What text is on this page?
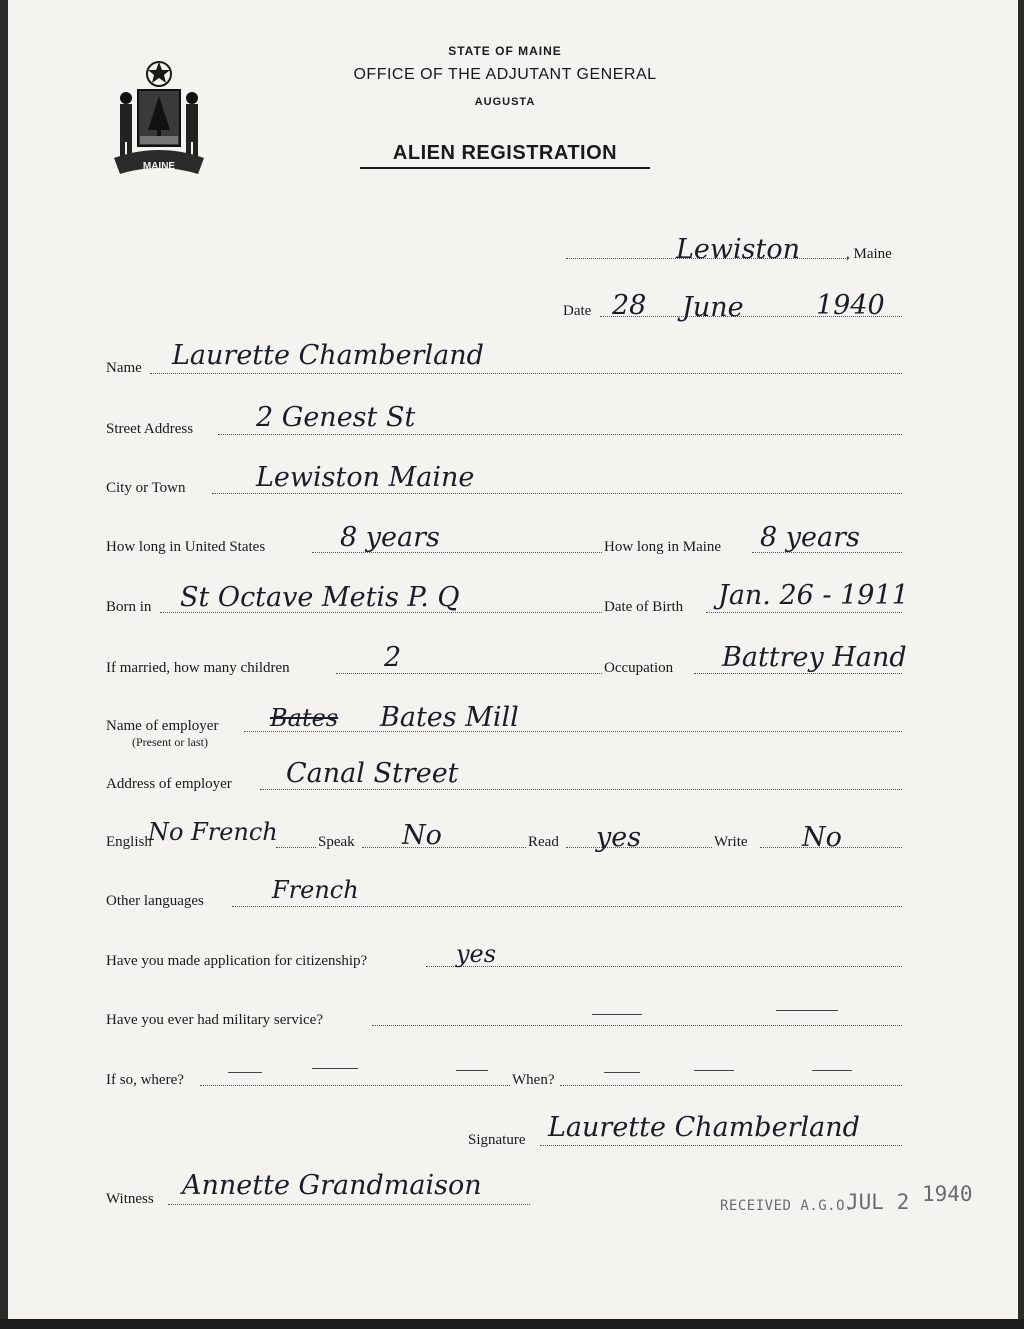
MAINE
STATE OF MAINE
OFFICE OF THE ADJUTANT GENERAL
AUGUSTA
ALIEN REGISTRATION
Lewiston	, Maine
Date 28 June	1940
Name Laurette Chamberland
Street Address 2 Genest St
City or Town	Lewiston Maine
How long in United States	8 years	How long in Maine 8 years
Born in St Octave Metis P. Q	Date of Birth Jan. 26 - 1911
If married, how many children	2	Occupation Battrey Hand
Name of employer
(Present or last)
Bates Bates Mill
Address of employer Canal Street
English
No French	Speak No	Read yes	Write No
Other languages	French
Have you made application for citizenship?	yes
Have you ever had military service?
If so, where?	When?
Signature Laurette Chamberland
Witness Annette Grandmaison
RECEIVED A.G.O.
JUL 2 1940
